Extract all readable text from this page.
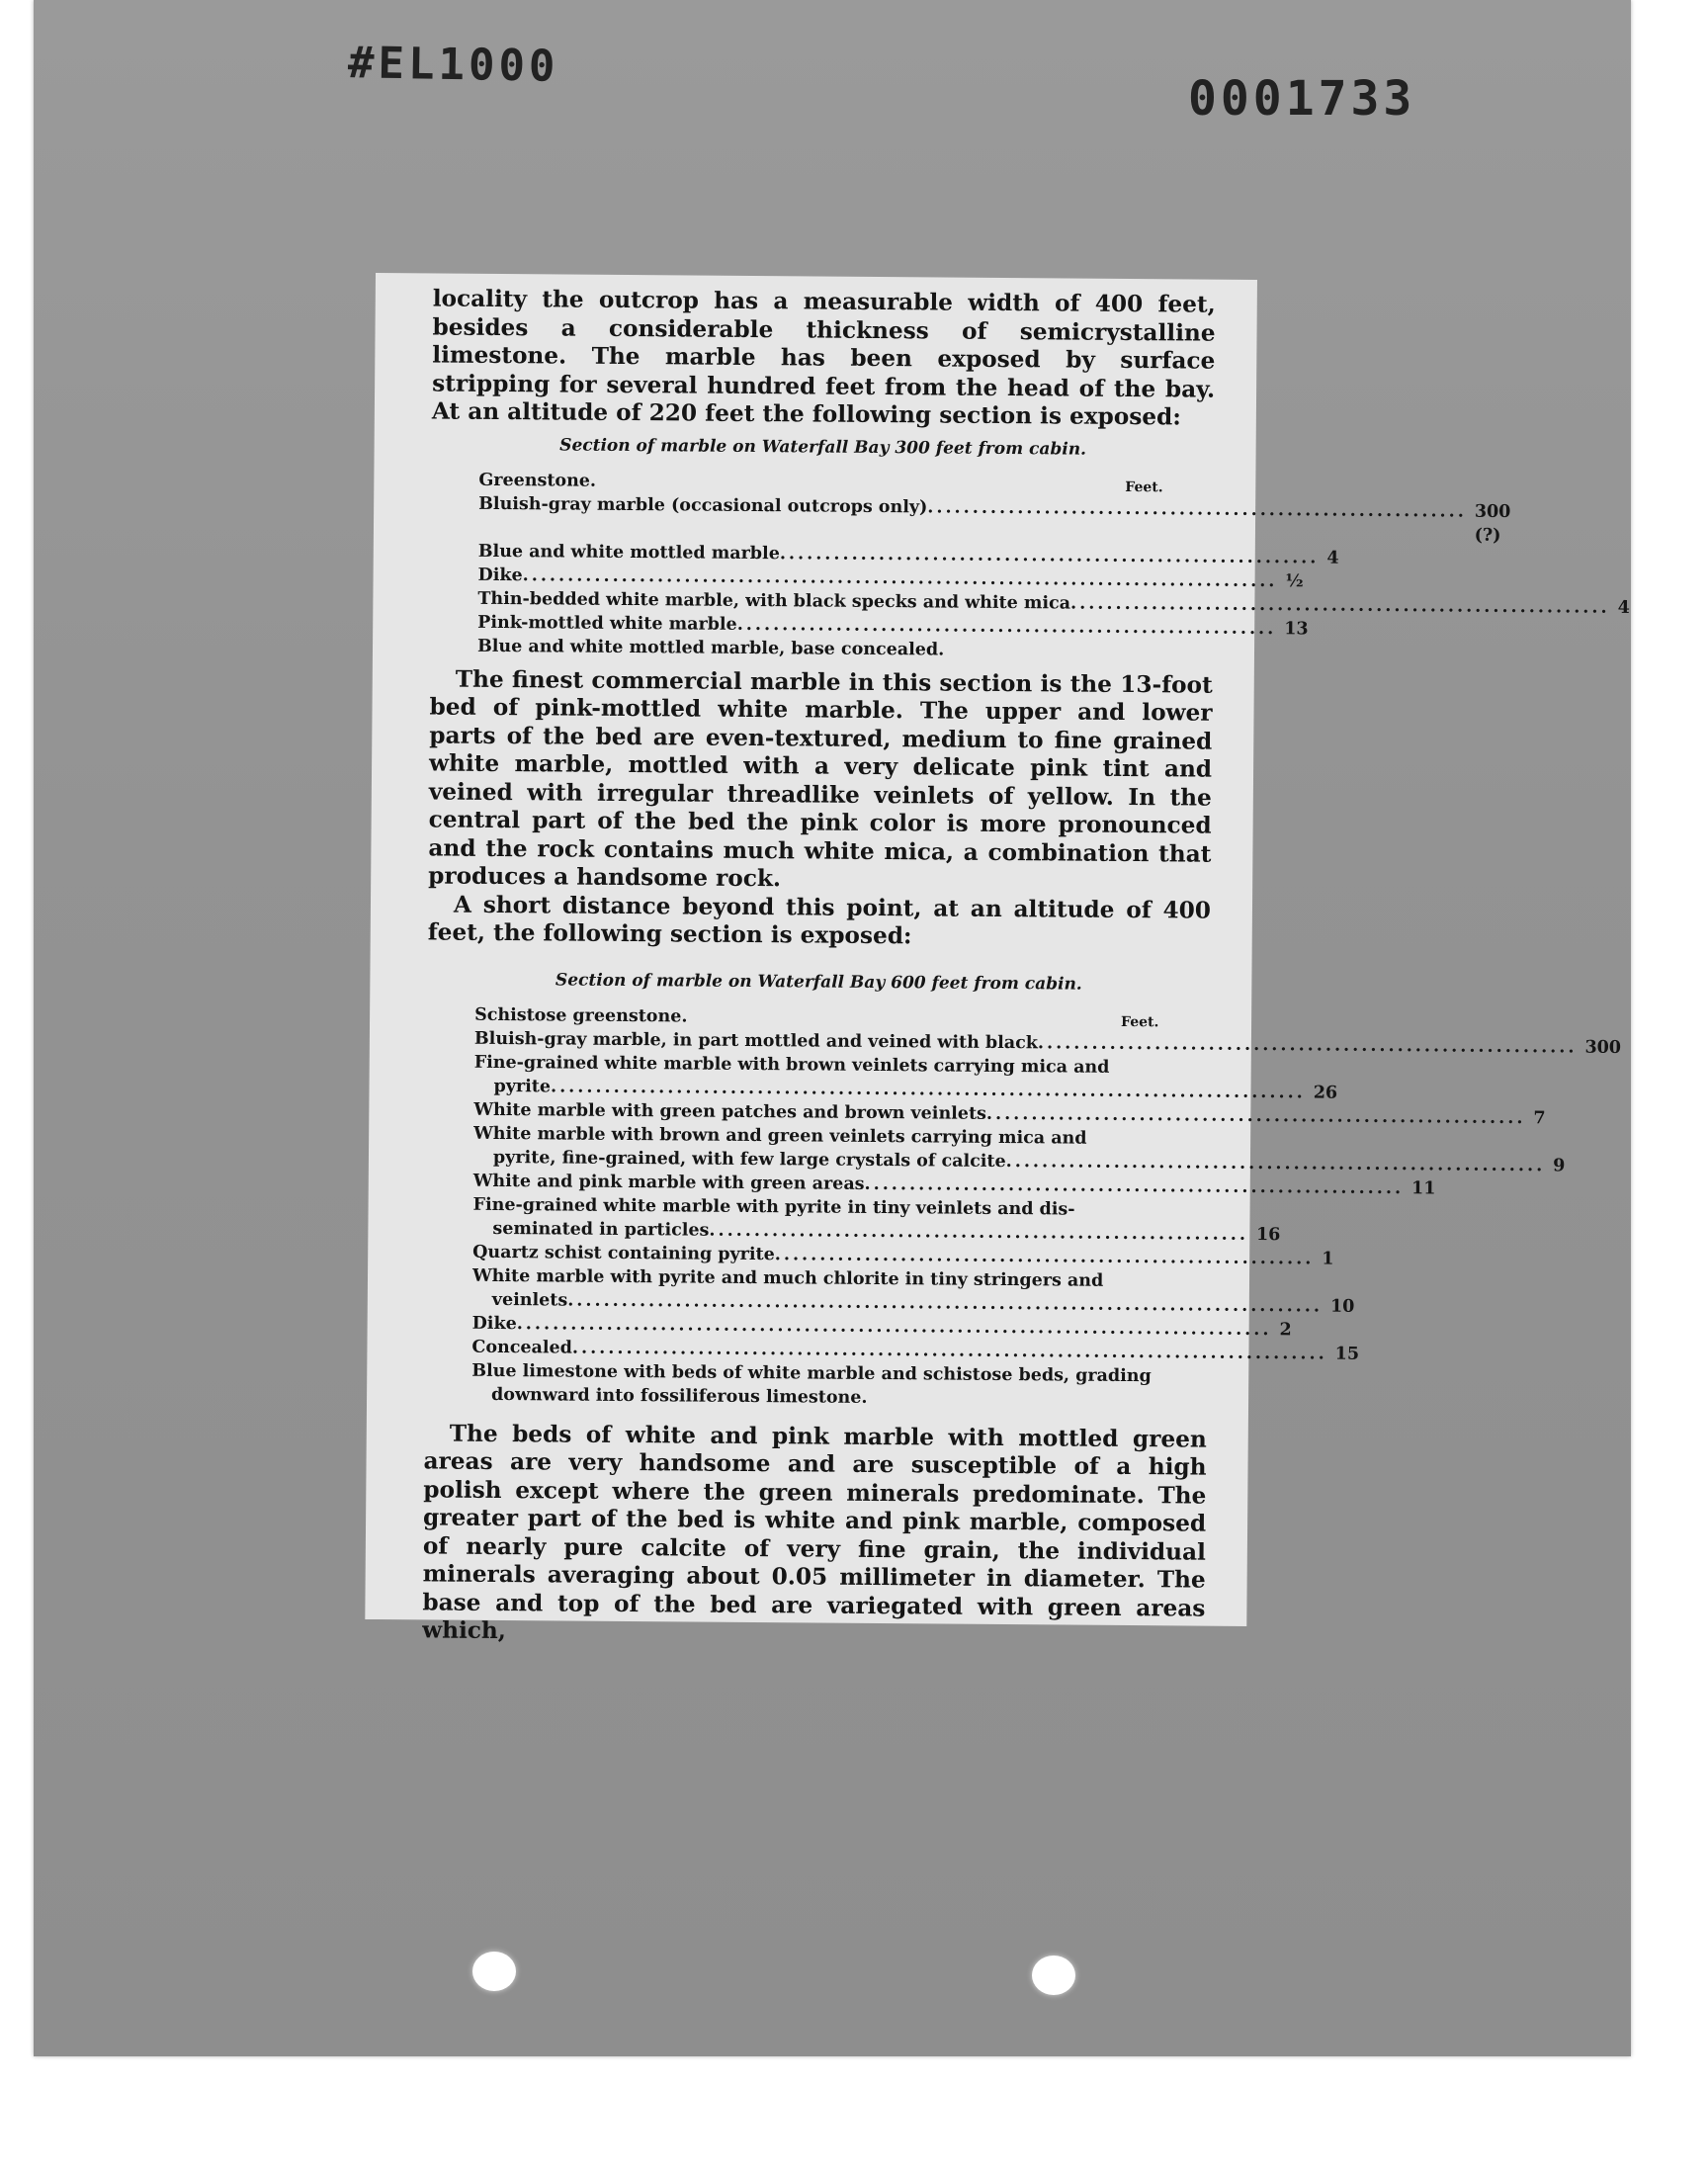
#EL1000
0001733

locality the outcrop has a measurable width of 400 feet, besides a considerable thickness of semicrystalline limestone. The marble has been exposed by surface stripping for several hundred feet from the head of the bay. At an altitude of 220 feet the following section is exposed:

Section of marble on Waterfall Bay 300 feet from cabin.
Feet.
Greenstone.
Bluish-gray marble (occasional outcrops only) ............................................................ 300 (?)
Blue and white mottled marble ............................................................ 4
Dike .................................................................................... ½
Thin-bedded white marble, with black specks and white mica ............................................................ 4
Pink-mottled white marble ............................................................ 13
Blue and white mottled marble, base concealed.

The finest commercial marble in this section is the 13-foot bed of pink-mottled white marble. The upper and lower parts of the bed are even-textured, medium to fine grained white marble, mottled with a very delicate pink tint and veined with irregular threadlike veinlets of yellow. In the central part of the bed the pink color is more pronounced and the rock contains much white mica, a combination that produces a handsome rock.

A short distance beyond this point, at an altitude of 400 feet, the following section is exposed:

Section of marble on Waterfall Bay 600 feet from cabin.
Feet.
Schistose greenstone.
Bluish-gray marble, in part mottled and veined with black ............................................................ 300
Fine-grained white marble with brown veinlets carrying mica and
pyrite .................................................................................... 26
White marble with green patches and brown veinlets ............................................................ 7
White marble with brown and green veinlets carrying mica and
pyrite, fine-grained, with few large crystals of calcite ............................................................ 9
White and pink marble with green areas ............................................................ 11
Fine-grained white marble with pyrite in tiny veinlets and dis-
seminated in particles ............................................................ 16
Quartz schist containing pyrite ............................................................ 1
White marble with pyrite and much chlorite in tiny stringers and
veinlets .................................................................................... 10
Dike .................................................................................... 2
Concealed .................................................................................... 15
Blue limestone with beds of white marble and schistose beds, grading
downward into fossiliferous limestone.

The beds of white and pink marble with mottled green areas are very handsome and are susceptible of a high polish except where the green minerals predominate. The greater part of the bed is white and pink marble, composed of nearly pure calcite of very fine grain, the individual minerals averaging about 0.05 millimeter in diameter. The base and top of the bed are variegated with green areas which,
